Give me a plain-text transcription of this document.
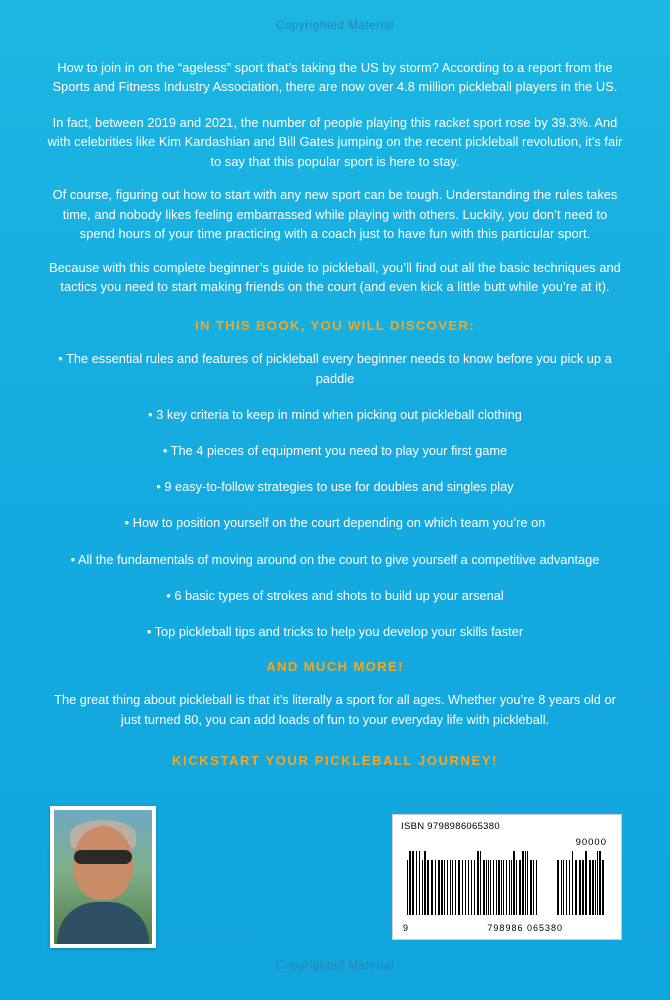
Copyrighted Material

How to join in on the “ageless” sport that’s taking the US by storm? According to a report from the Sports and Fitness Industry Association, there are now over 4.8 million pickleball players in the US.

In fact, between 2019 and 2021, the number of people playing this racket sport rose by 39.3%. And with celebrities like Kim Kardashian and Bill Gates jumping on the recent pickleball revolution, it’s fair to say that this popular sport is here to stay.

Of course, figuring out how to start with any new sport can be tough. Understanding the rules takes time, and nobody likes feeling embarrassed while playing with others. Luckily, you don’t need to spend hours of your time practicing with a coach just to have fun with this particular sport.

Because with this complete beginner’s guide to pickleball, you’ll find out all the basic techniques and tactics you need to start making friends on the court (and even kick a little butt while you’re at it).

IN THIS BOOK, YOU WILL DISCOVER:
• The essential rules and features of pickleball every beginner needs to know before you pick up a paddle
• 3 key criteria to keep in mind when picking out pickleball clothing
• The 4 pieces of equipment you need to play your first game
• 9 easy-to-follow strategies to use for doubles and singles play
• How to position yourself on the court depending on which team you’re on
• All the fundamentals of moving around on the court to give yourself a competitive advantage
• 6 basic types of strokes and shots to build up your arsenal
• Top pickleball tips and tricks to help you develop your skills faster
AND MUCH MORE!

The great thing about pickleball is that it’s literally a sport for all ages. Whether you’re 8 years old or just turned 80, you can add loads of fun to your everyday life with pickleball.

KICKSTART YOUR PICKLEBALL JOURNEY!
ISBN 9798986065380
90000
9	798986 065380
Copyrighted Material
